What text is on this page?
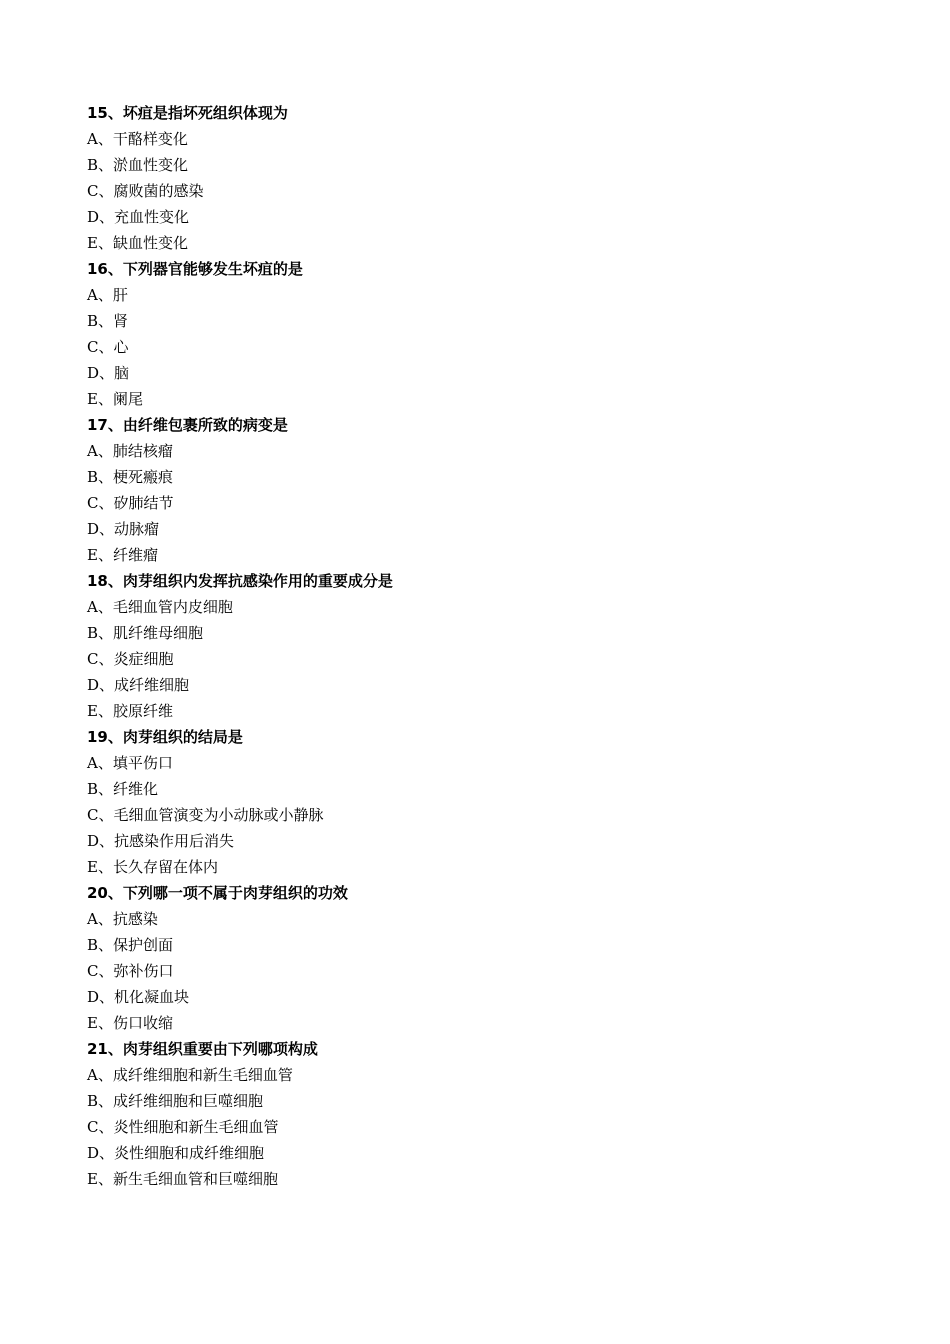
15、坏疽是指坏死组织体现为
A、干酪样变化
B、淤血性变化
C、腐败菌的感染
D、充血性变化
E、缺血性变化
16、下列器官能够发生坏疽的是
A、肝
B、肾
C、心
D、脑
E、阑尾
17、由纤维包裹所致的病变是
A、肺结核瘤
B、梗死瘢痕
C、矽肺结节
D、动脉瘤
E、纤维瘤
18、肉芽组织内发挥抗感染作用的重要成分是
A、毛细血管内皮细胞
B、肌纤维母细胞
C、炎症细胞
D、成纤维细胞
E、胶原纤维
19、肉芽组织的结局是
A、填平伤口
B、纤维化
C、毛细血管演变为小动脉或小静脉
D、抗感染作用后消失
E、长久存留在体内
20、下列哪一项不属于肉芽组织的功效
A、抗感染
B、保护创面
C、弥补伤口
D、机化凝血块
E、伤口收缩
21、肉芽组织重要由下列哪项构成
A、成纤维细胞和新生毛细血管
B、成纤维细胞和巨噬细胞
C、炎性细胞和新生毛细血管
D、炎性细胞和成纤维细胞
E、新生毛细血管和巨噬细胞
